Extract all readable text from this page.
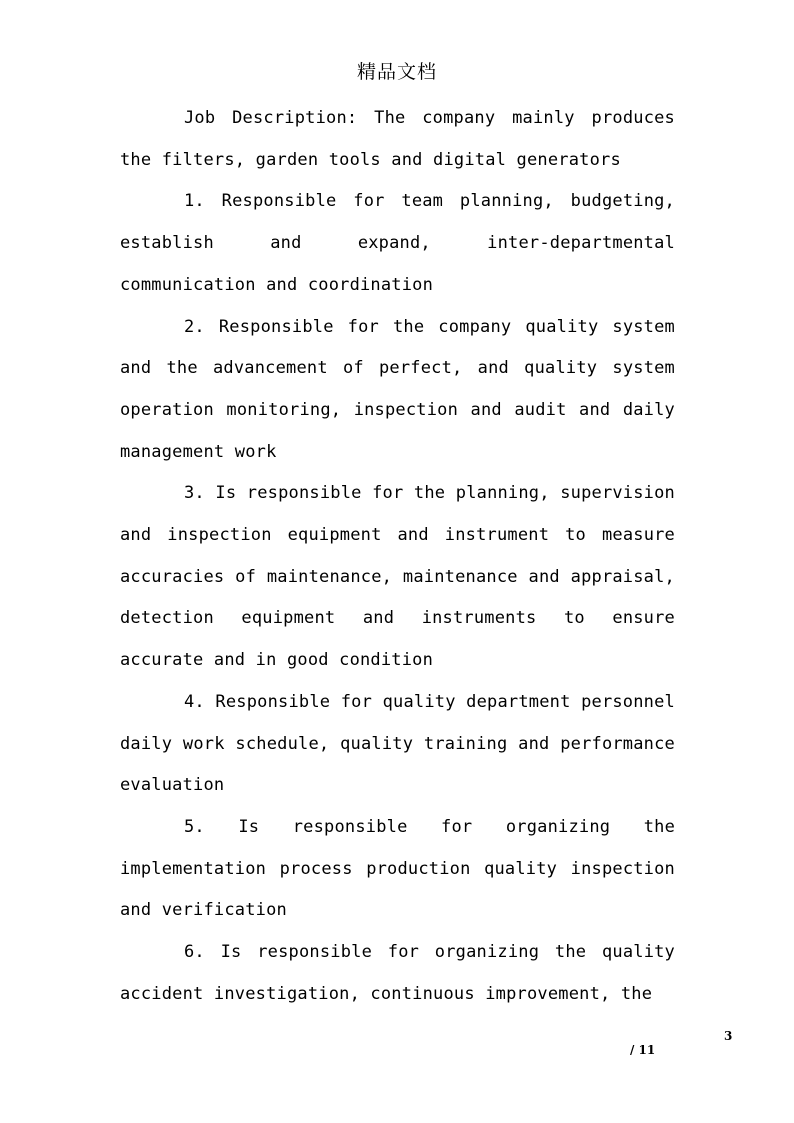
精品文档

Job Description: The company mainly produces the filters, garden tools and digital generators

1. Responsible for team planning, budgeting, establish and expand, inter-departmental communication and coordination

2. Responsible for the company quality system and the advancement of perfect, and quality system operation monitoring, inspection and audit and daily management work

3. Is responsible for the planning, supervision and inspection equipment and instrument to measure accuracies of maintenance, maintenance and appraisal, detection equipment and instruments to ensure accurate and in good condition

4. Responsible for quality department personnel daily work schedule, quality training and performance evaluation

5. Is responsible for organizing the implementation process production quality inspection and verification

6. Is responsible for organizing the quality accident investigation, continuous improvement, the

3
/ 11
